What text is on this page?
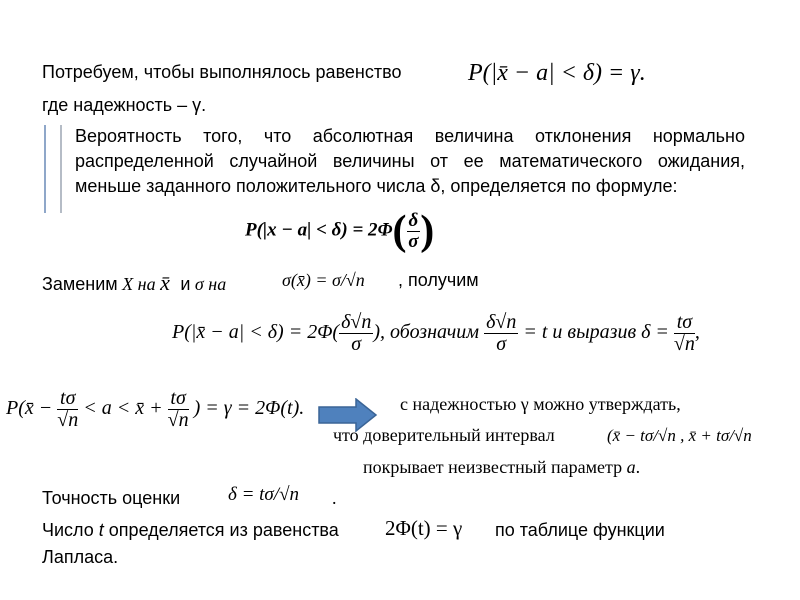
Потребуем, чтобы выполнялось равенство	P(|x̄ − a| < δ) = γ.
где надежность – γ.
Вероятность того, что абсолютная величина отклонения нормально распределенной случайной величины от ее математического ожидания, меньше заданного положительного числа δ, определяется по формуле:
$P(|x - a| < \delta) = 2\Phi( \frac{\delta}{\sigma}$ )
Заменим X на x̄ и σ на	σ(x̄) = σ/√n , получим
P(|x̄ − $a| < \delta) = 2\Phi( \frac{\delta√n}{\sigma}$ ), обозначим $\frac{\delta√n}{\sigma} = t$ и выразив $\delta = \frac{t\sigma}{√n}$ ,
P(x̄ − $\frac{t\sigma}{√n} < a$ < x̄ + $\frac{t\sigma}{√n}$ ) = γ = 2Φ(t).	с надежностью γ можно утверждать,
что доверительный интервал	(x̄ − tσ/√n , x̄ + tσ/√n
покрывает неизвестный параметр a.
Точность оценки	δ = tσ/√n .
Число t определяется из равенства 2Φ(t) = γ по таблице функции
Лапласа.
